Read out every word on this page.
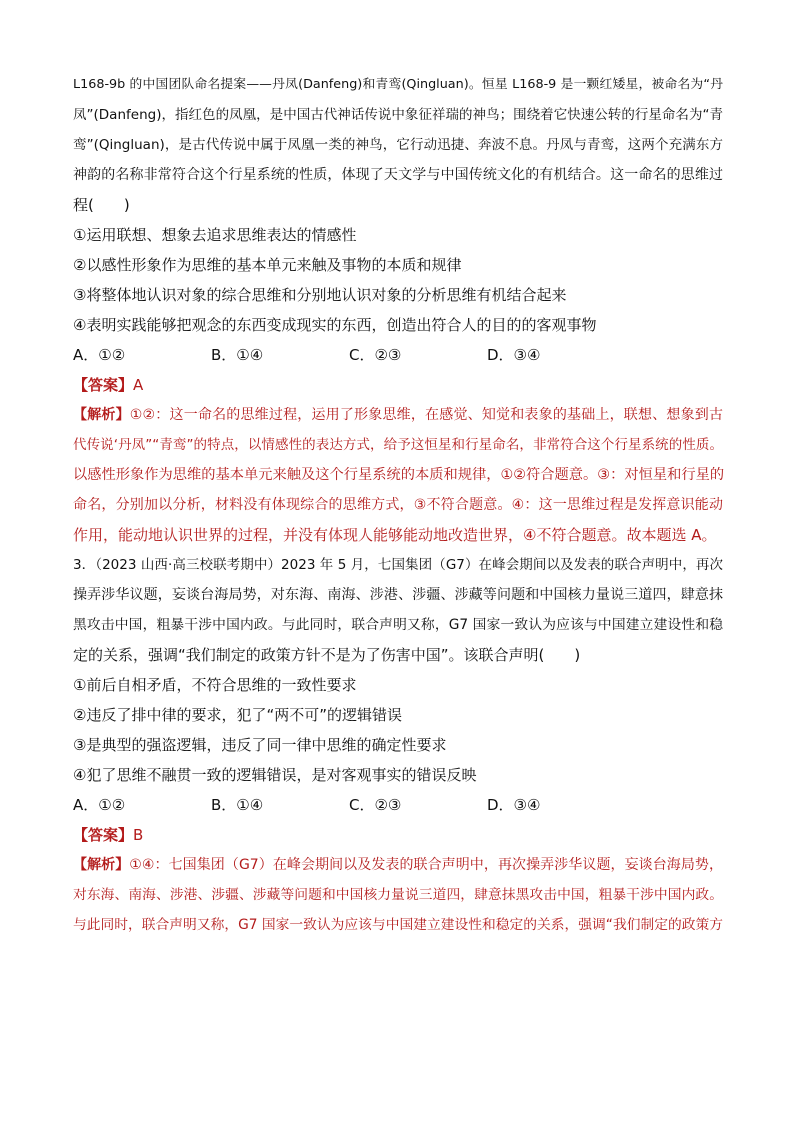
L168-9b 的中国团队命名提案——丹凤(Danfeng)和青鸾(Qingluan)。恒星 L168-9 是一颗红矮星，被命名为“丹
凤”(Danfeng)，指红色的凤凰，是中国古代神话传说中象征祥瑞的神鸟；围绕着它快速公转的行星命名为“青
鸾”(Qingluan)，是古代传说中属于凤凰一类的神鸟，它行动迅捷、奔波不息。丹凤与青鸾，这两个充满东方
神韵的名称非常符合这个行星系统的性质，体现了天文学与中国传统文化的有机结合。这一命名的思维过
程(　　)
①运用联想、想象去追求思维表达的情感性
②以感性形象作为思维的基本单元来触及事物的本质和规律
③将整体地认识对象的综合思维和分别地认识对象的分析思维有机结合起来
④表明实践能够把观念的东西变成现实的东西，创造出符合人的目的的客观事物
A．①②	B．①④	C．②③	D．③④
【答案】A
【解析】①②：这一命名的思维过程，运用了形象思维，在感觉、知觉和表象的基础上，联想、想象到古
代传说‘丹凤”“青鸾”的特点，以情感性的表达方式，给予这恒星和行星命名，非常符合这个行星系统的性质。
以感性形象作为思维的基本单元来触及这个行星系统的本质和规律，①②符合题意。③：对恒星和行星的
命名，分别加以分析，材料没有体现综合的思维方式，③不符合题意。④：这一思维过程是发挥意识能动
作用，能动地认识世界的过程，并没有体现人能够能动地改造世界，④不符合题意。故本题选 A。
3．（2023 山西·高三校联考期中）2023 年 5 月，七国集团（G7）在峰会期间以及发表的联合声明中，再次
操弄涉华议题，妄谈台海局势，对东海、南海、涉港、涉疆、涉藏等问题和中国核力量说三道四，肆意抹
黑攻击中国，粗暴干涉中国内政。与此同时，联合声明又称，G7 国家一致认为应该与中国建立建设性和稳
定的关系，强调“我们制定的政策方针不是为了伤害中国”。该联合声明(　　)
①前后自相矛盾，不符合思维的一致性要求
②违反了排中律的要求，犯了“两不可”的逻辑错误
③是典型的强盗逻辑，违反了同一律中思维的确定性要求
④犯了思维不融贯一致的逻辑错误，是对客观事实的错误反映
A．①②	B．①④	C．②③	D．③④
【答案】B
【解析】①④：七国集团（G7）在峰会期间以及发表的联合声明中，再次操弄涉华议题，妄谈台海局势，
对东海、南海、涉港、涉疆、涉藏等问题和中国核力量说三道四，肆意抹黑攻击中国，粗暴干涉中国内政。
与此同时，联合声明又称，G7 国家一致认为应该与中国建立建设性和稳定的关系，强调“我们制定的政策方
